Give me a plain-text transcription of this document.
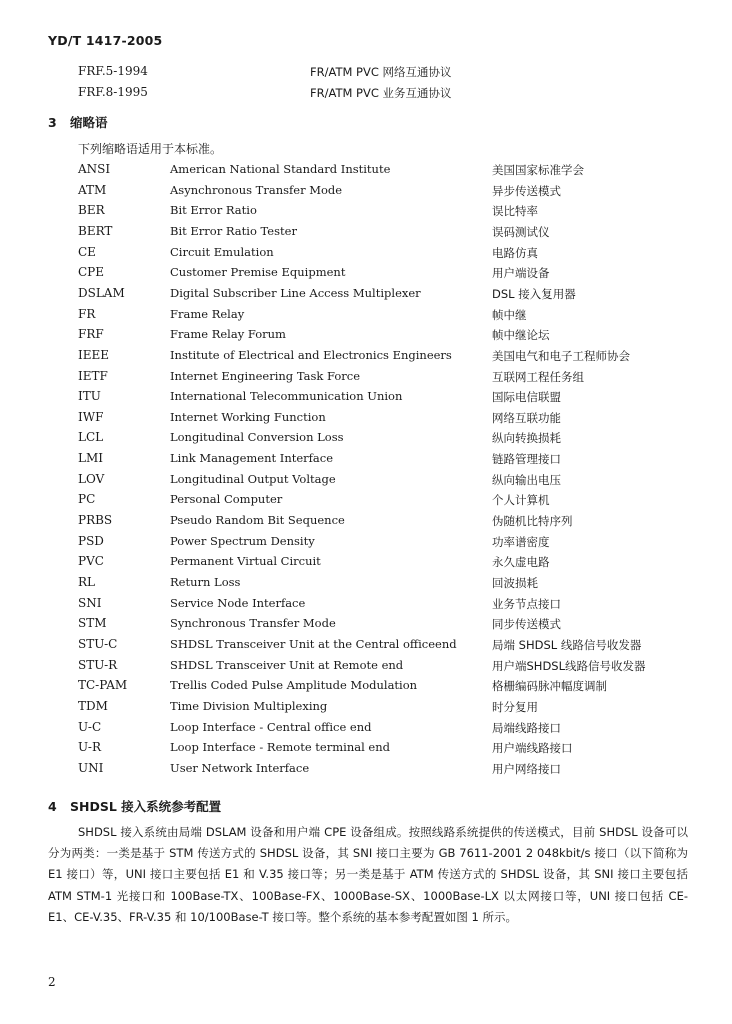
YD/T 1417-2005
FRF.5-1994	FR/ATM PVC 网络互通协议
FRF.8-1995	FR/ATM PVC 业务互通协议
3 缩略语
下列缩略语适用于本标准。
ANSI	American National Standard Institute	美国国家标准学会
ATM	Asynchronous Transfer Mode	异步传送模式
BER	Bit Error Ratio	误比特率
BERT	Bit Error Ratio Tester	误码测试仪
CE	Circuit Emulation	电路仿真
CPE	Customer Premise Equipment	用户端设备
DSLAM	Digital Subscriber Line Access Multiplexer	DSL 接入复用器
FR	Frame Relay	帧中继
FRF	Frame Relay Forum	帧中继论坛
IEEE	Institute of Electrical and Electronics Engineers	美国电气和电子工程师协会
IETF	Internet Engineering Task Force	互联网工程任务组
ITU	International Telecommunication Union	国际电信联盟
IWF	Internet Working Function	网络互联功能
LCL	Longitudinal Conversion Loss	纵向转换损耗
LMI	Link Management Interface	链路管理接口
LOV	Longitudinal Output Voltage	纵向输出电压
PC	Personal Computer	个人计算机
PRBS	Pseudo Random Bit Sequence	伪随机比特序列
PSD	Power Spectrum Density	功率谱密度
PVC	Permanent Virtual Circuit	永久虚电路
RL	Return Loss	回波损耗
SNI	Service Node Interface	业务节点接口
STM	Synchronous Transfer Mode	同步传送模式
STU-C	SHDSL Transceiver Unit at the Central officeend	局端 SHDSL 线路信号收发器
STU-R	SHDSL Transceiver Unit at Remote end	用户端SHDSL线路信号收发器
TC-PAM	Trellis Coded Pulse Amplitude Modulation	格栅编码脉冲幅度调制
TDM	Time Division Multiplexing	时分复用
U-C	Loop Interface - Central office end	局端线路接口
U-R	Loop Interface - Remote terminal end	用户端线路接口
UNI	User Network Interface	用户网络接口
4 SHDSL 接入系统参考配置
SHDSL 接入系统由局端 DSLAM 设备和用户端 CPE 设备组成。按照线路系统提供的传送模式，目前 SHDSL 设备可以分为两类：一类是基于 STM 传送方式的 SHDSL 设备，其 SNI 接口主要为 GB 7611-2001 2 048kbit/s 接口（以下简称为 E1 接口）等，UNI 接口主要包括 E1 和 V.35 接口等；另一类是基于 ATM 传送方式的 SHDSL 设备，其 SNI 接口主要包括 ATM STM-1 光接口和 100Base-TX、100Base-FX、1000Base-SX、1000Base-LX 以太网接口等，UNI 接口包括 CE-E1、CE-V.35、FR-V.35 和 10/100Base-T 接口等。整个系统的基本参考配置如图 1 所示。
2
